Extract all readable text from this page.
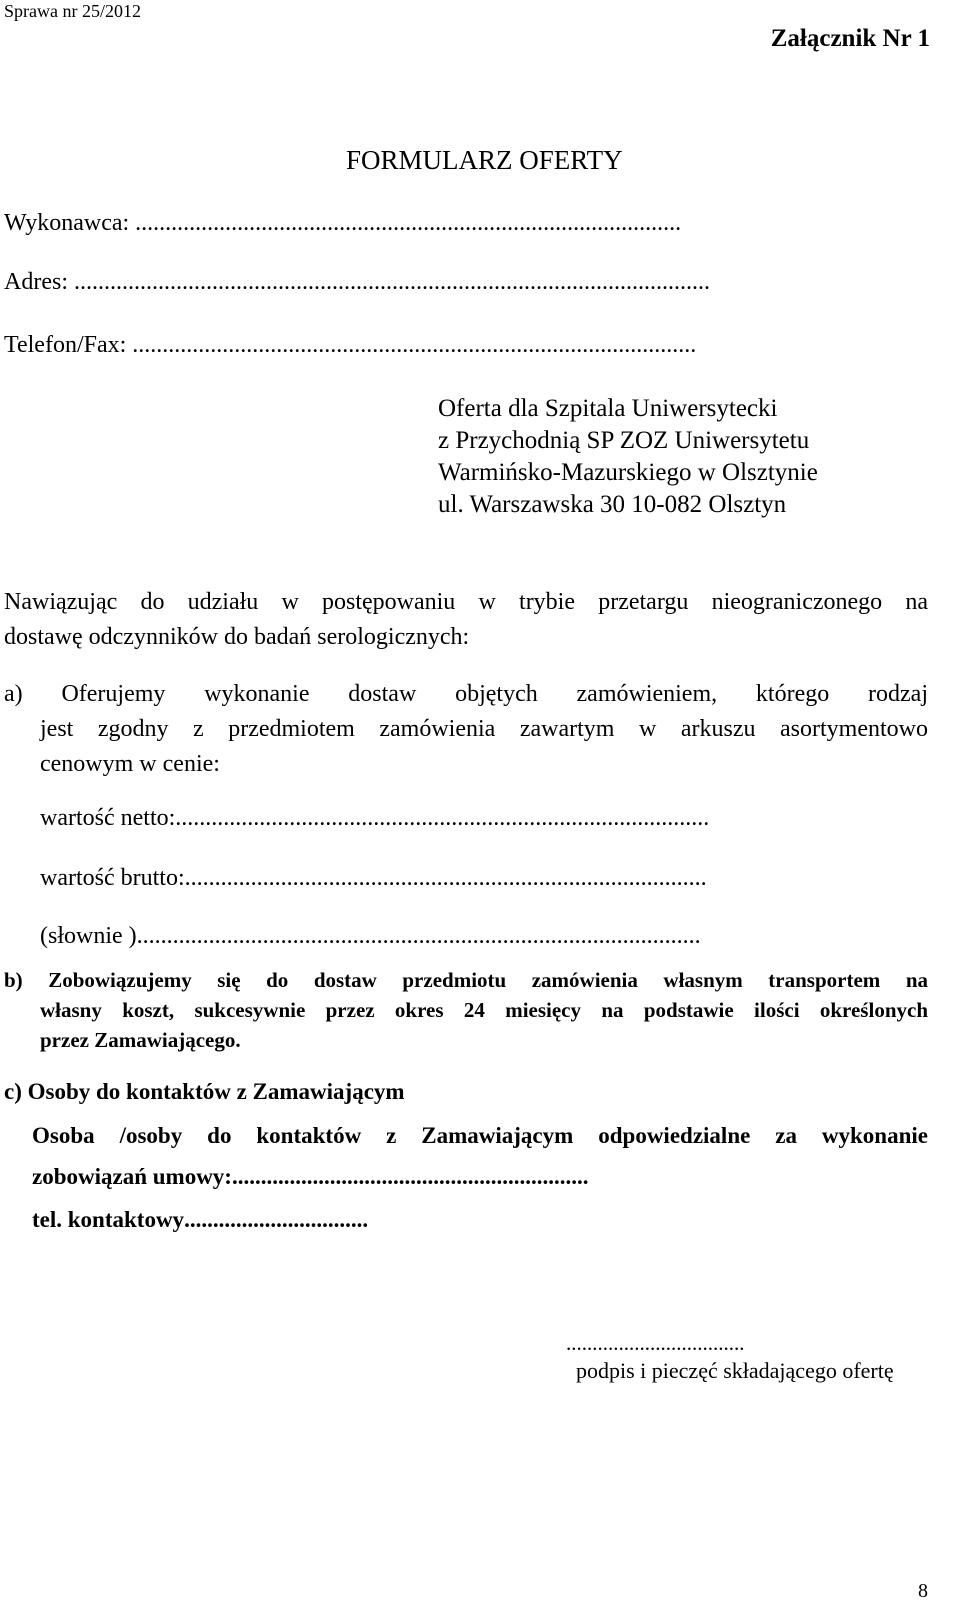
Sprawa nr 25/2012
Załącznik Nr 1
FORMULARZ OFERTY
Wykonawca: ...........................................................................................
Adres: ..........................................................................................................
Telefon/Fax: ..............................................................................................
Oferta dla Szpitala Uniwersytecki
z Przychodnią SP ZOZ Uniwersytetu
Warmińsko-Mazurskiego w Olsztynie
ul. Warszawska 30 10-082 Olsztyn
Nawiązując do udziału w postępowaniu w trybie przetargu nieograniczonego na
dostawę odczynników do badań serologicznych:
a) Oferujemy wykonanie dostaw objętych zamówieniem, którego rodzaj
jest zgodny z przedmiotem zamówienia zawartym w arkuszu asortymentowo
cenowym w cenie:
wartość netto: .........................................................................................
wartość brutto: .......................................................................................
(słownie ) ..............................................................................................
b) Zobowiązujemy się do dostaw przedmiotu zamówienia własnym transportem na
własny koszt, sukcesywnie przez okres 24 miesięcy na podstawie ilości określonych
przez Zamawiającego.
c) Osoby do kontaktów z Zamawiającym
Osoba /osoby do kontaktów z Zamawiającym odpowiedzialne za wykonanie
zobowiązań umowy: ..............................................................
tel. kontaktowy ................................
..................................
podpis i pieczęć składającego ofertę
8
